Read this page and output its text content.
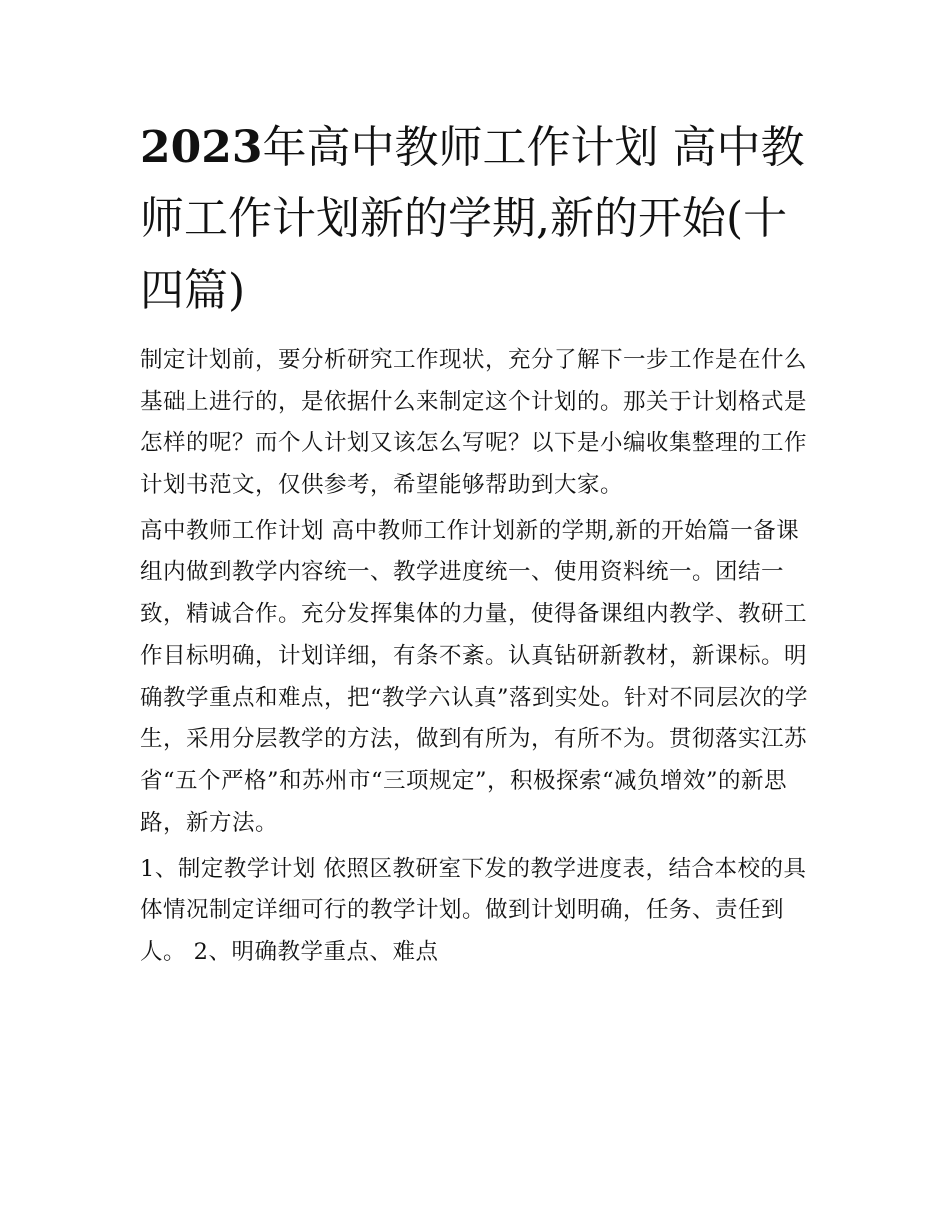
2023年高中教师工作计划 高中教师工作计划新的学期,新的开始(十四篇)

制定计划前，要分析研究工作现状，充分了解下一步工作是在什么基础上进行的，是依据什么来制定这个计划的。那关于计划格式是怎样的呢？而个人计划又该怎么写呢？以下是小编收集整理的工作计划书范文，仅供参考，希望能够帮助到大家。

高中教师工作计划 高中教师工作计划新的学期,新的开始篇一备课组内做到教学内容统一、教学进度统一、使用资料统一。团结一致，精诚合作。充分发挥集体的力量，使得备课组内教学、教研工作目标明确，计划详细，有条不紊。认真钻研新教材，新课标。明确教学重点和难点，把“教学六认真”落到实处。针对不同层次的学生，采用分层教学的方法，做到有所为，有所不为。贯彻落实江苏省“五个严格”和苏州市“三项规定”，积极探索“减负增效”的新思路，新方法。

1、制定教学计划 依照区教研室下发的教学进度表，结合本校的具体情况制定详细可行的教学计划。做到计划明确，任务、责任到人。 2、明确教学重点、难点
